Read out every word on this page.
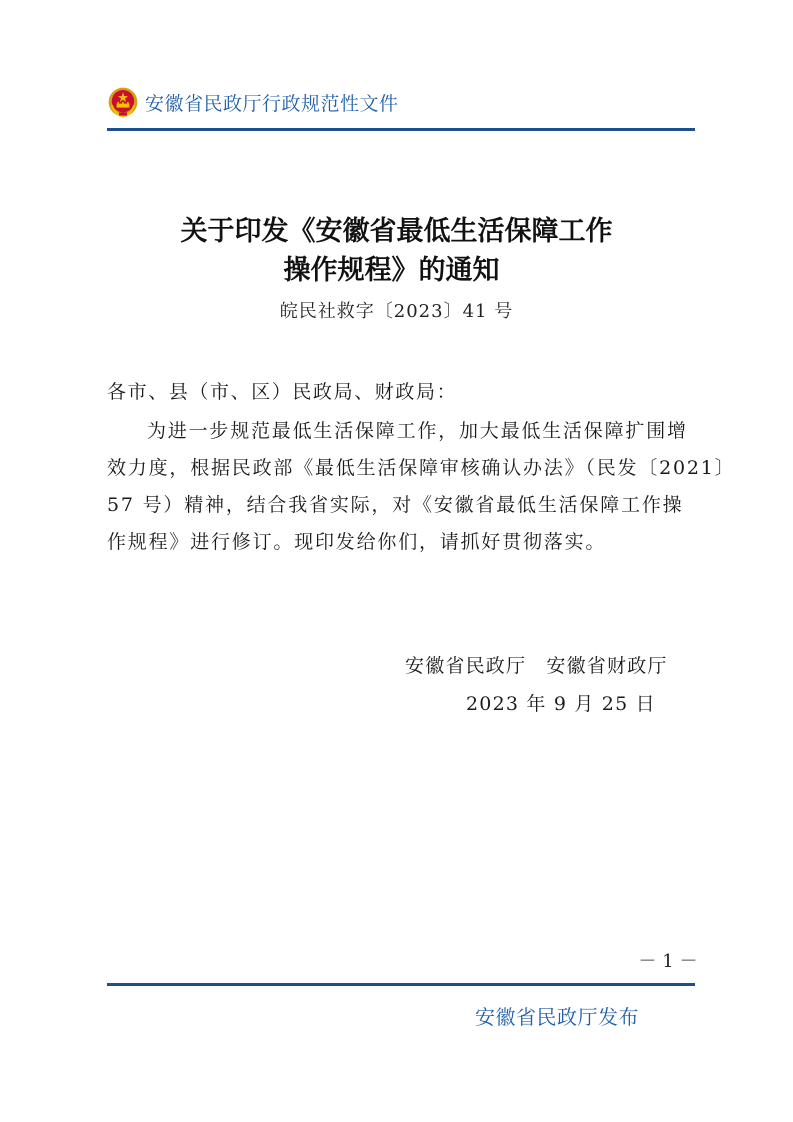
安徽省民政厅行政规范性文件
关于印发《安徽省最低生活保障工作
操作规程》的通知
皖民社救字〔2023〕41 号
各市、县（市、区）民政局、财政局：
为进一步规范最低生活保障工作，加大最低生活保障扩围增
效力度，根据民政部《最低生活保障审核确认办法》（民发〔2021〕
57 号）精神，结合我省实际，对《安徽省最低生活保障工作操
作规程》进行修订。现印发给你们，请抓好贯彻落实。
安徽省民政厅　安徽省财政厅
2023 年 9 月 25 日
－ 1 －
安徽省民政厅发布
